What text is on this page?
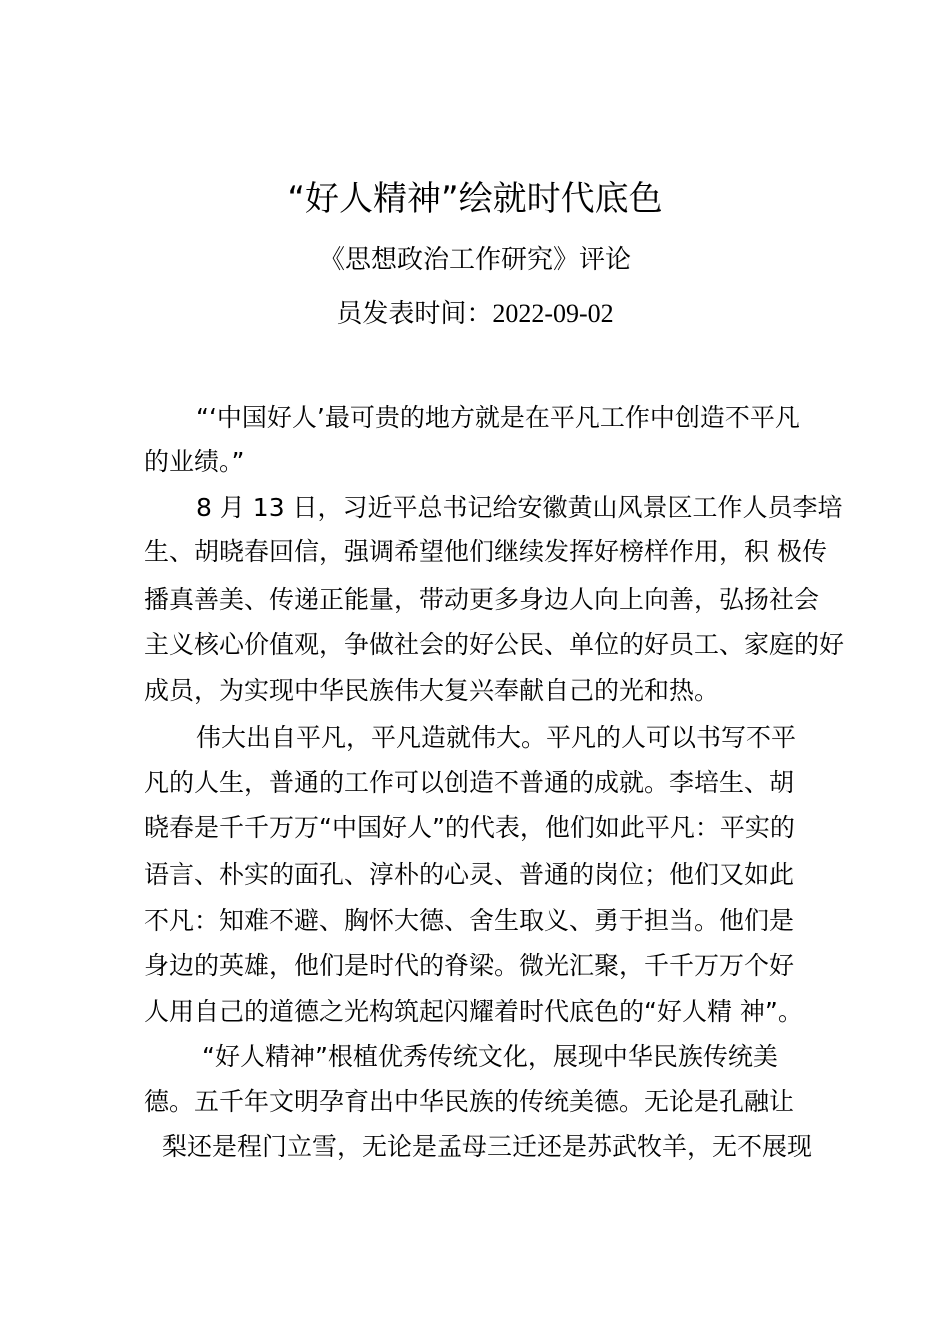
“好人精神”绘就时代底色

《思想政治工作研究》评论

员发表时间：2022-09-02

“‘中国好人’最可贵的地方就是在平凡工作中创造不平凡

的业绩。”

8 月 13 日，习近平总书记给安徽黄山风景区工作人员李培

生、胡晓春回信，强调希望他们继续发挥好榜样作用，积 极传

播真善美、传递正能量，带动更多身边人向上向善，弘扬社会

主义核心价值观，争做社会的好公民、单位的好员工、家庭的好

成员，为实现中华民族伟大复兴奉献自己的光和热。

伟大出自平凡，平凡造就伟大。平凡的人可以书写不平

凡的人生，普通的工作可以创造不普通的成就。李培生、胡

晓春是千千万万“中国好人”的代表，他们如此平凡：平实的

语言、朴实的面孔、淳朴的心灵、普通的岗位；他们又如此

不凡：知难不避、胸怀大德、舍生取义、勇于担当。他们是

身边的英雄，他们是时代的脊梁。微光汇聚，千千万万个好

人用自己的道德之光构筑起闪耀着时代底色的“好人精 神”。

“好人精神”根植优秀传统文化，展现中华民族传统美

德。五千年文明孕育出中华民族的传统美德。无论是孔融让

梨还是程门立雪，无论是孟母三迁还是苏武牧羊，无不展现
